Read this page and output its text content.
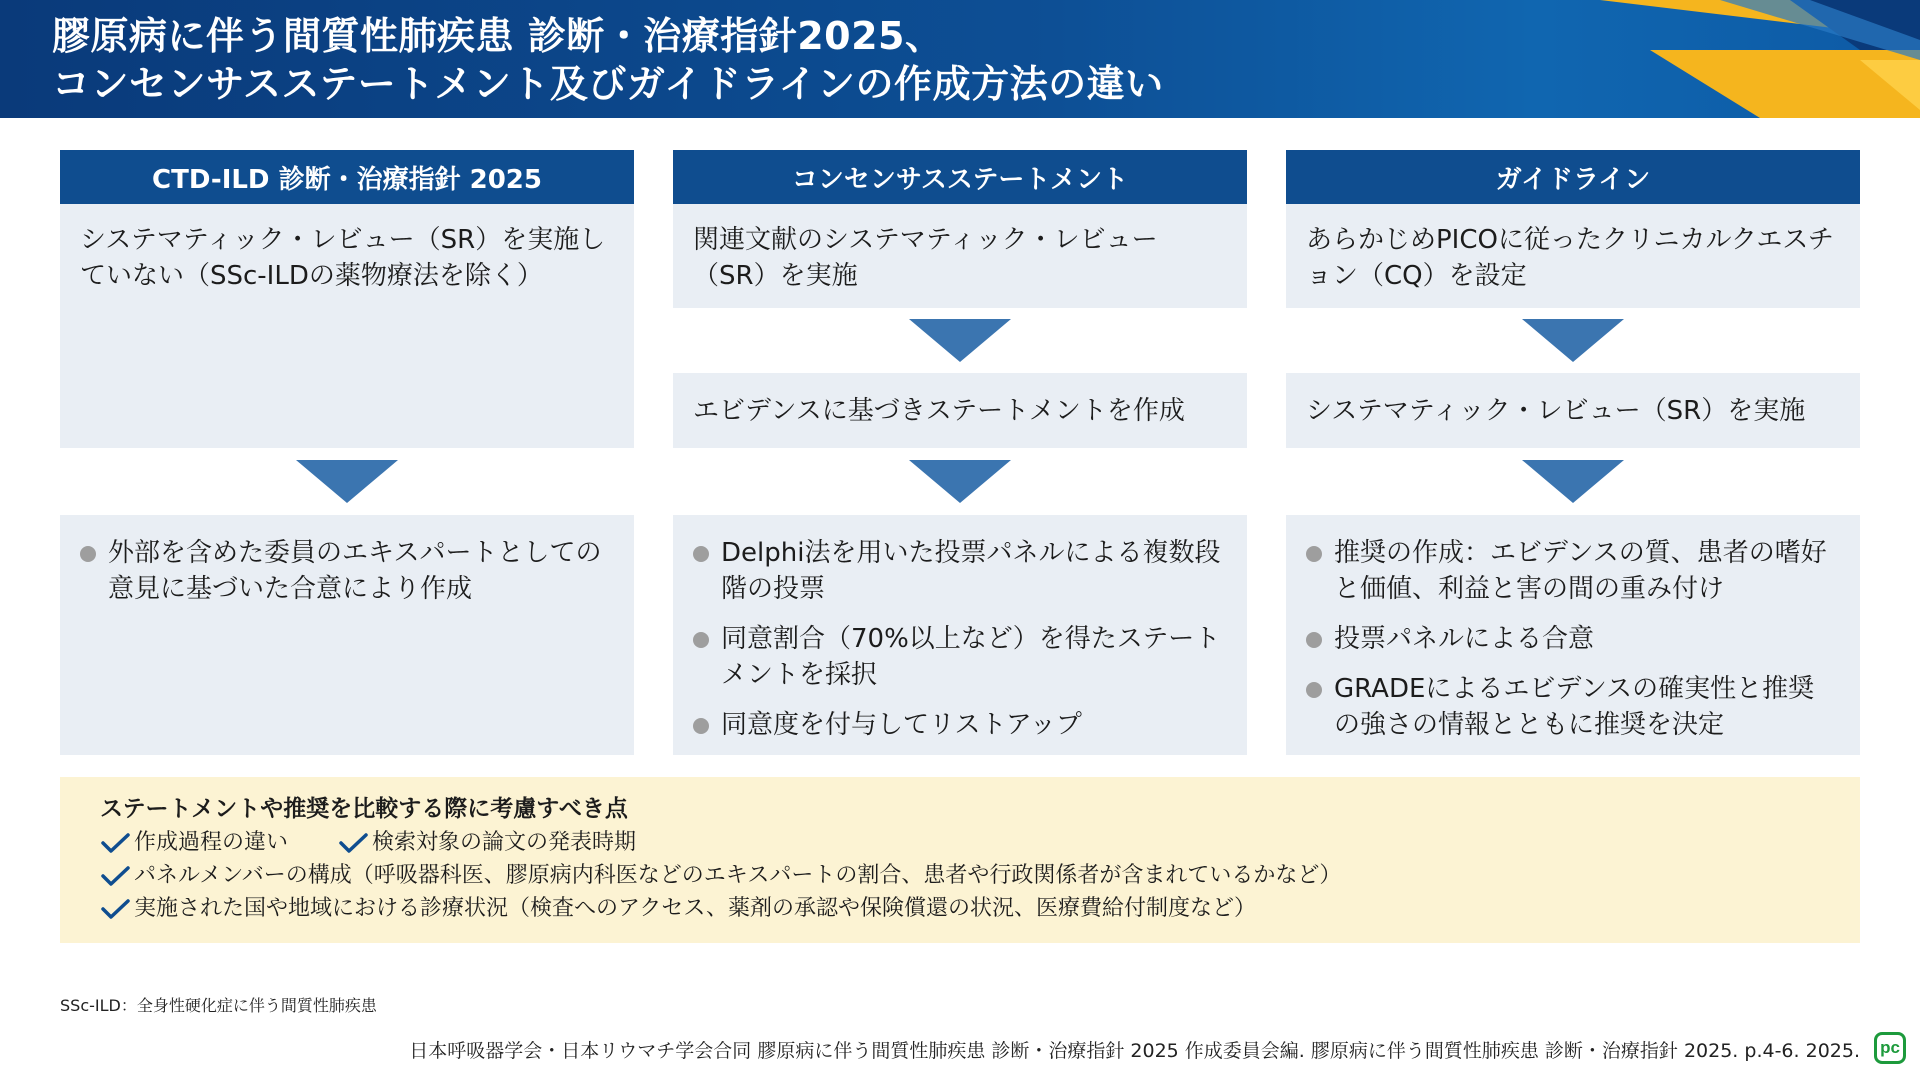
膠原病に伴う間質性肺疾患 診断・治療指針2025、
コンセンサスステートメント及びガイドラインの作成方法の違い
CTD-ILD 診断・治療指針 2025
システマティック・レビュー（SR）を実施していない（SSc-ILDの薬物療法を除く）
外部を含めた委員のエキスパートとしての意見に基づいた合意により作成
コンセンサスステートメント
関連文献のシステマティック・レビュー（SR）を実施
エビデンスに基づきステートメントを作成
Delphi法を用いた投票パネルによる複数段階の投票
同意割合（70%以上など）を得たステートメントを採択
同意度を付与してリストアップ
ガイドライン
あらかじめPICOに従ったクリニカルクエスチョン（CQ）を設定
システマティック・レビュー（SR）を実施
推奨の作成：エビデンスの質、患者の嗜好と価値、利益と害の間の重み付け
投票パネルによる合意
GRADEによるエビデンスの確実性と推奨の強さの情報とともに推奨を決定
ステートメントや推奨を比較する際に考慮すべき点
作成過程の違い	検索対象の論文の発表時期
パネルメンバーの構成（呼吸器科医、膠原病内科医などのエキスパートの割合、患者や行政関係者が含まれているかなど）
実施された国や地域における診療状況（検査へのアクセス、薬剤の承認や保険償還の状況、医療費給付制度など）
SSc-ILD：全身性硬化症に伴う間質性肺疾患
日本呼吸器学会・日本リウマチ学会合同 膠原病に伴う間質性肺疾患 診断・治療指針 2025 作成委員会編. 膠原病に伴う間質性肺疾患 診断・治療指針 2025. p.4-6. 2025.	pc
